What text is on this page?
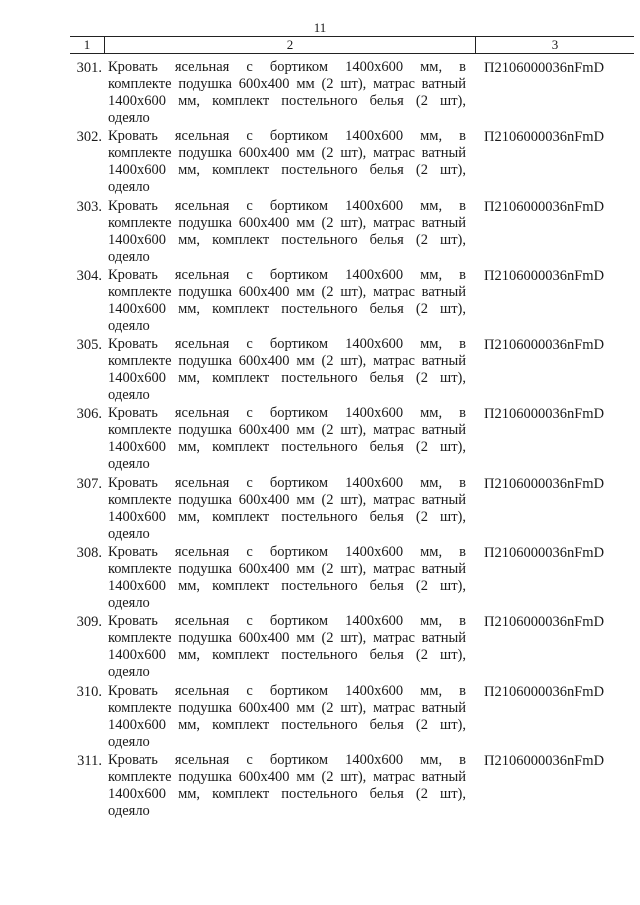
11
1	2	3
301. Кровать ясельная с бортиком 1400х600 мм, в
комплекте подушка 600х400 мм (2 шт), матрас ватный
1400х600 мм, комплект постельного белья (2 шт),
одеяло
П2106000036nFmD
302. Кровать ясельная с бортиком 1400х600 мм, в
комплекте подушка 600х400 мм (2 шт), матрас ватный
1400х600 мм, комплект постельного белья (2 шт),
одеяло
П2106000036nFmD
303. Кровать ясельная с бортиком 1400х600 мм, в
комплекте подушка 600х400 мм (2 шт), матрас ватный
1400х600 мм, комплект постельного белья (2 шт),
одеяло
П2106000036nFmD
304. Кровать ясельная с бортиком 1400х600 мм, в
комплекте подушка 600х400 мм (2 шт), матрас ватный
1400х600 мм, комплект постельного белья (2 шт),
одеяло
П2106000036nFmD
305. Кровать ясельная с бортиком 1400х600 мм, в
комплекте подушка 600х400 мм (2 шт), матрас ватный
1400х600 мм, комплект постельного белья (2 шт),
одеяло
П2106000036nFmD
306. Кровать ясельная с бортиком 1400х600 мм, в
комплекте подушка 600х400 мм (2 шт), матрас ватный
1400х600 мм, комплект постельного белья (2 шт),
одеяло
П2106000036nFmD
307. Кровать ясельная с бортиком 1400х600 мм, в
комплекте подушка 600х400 мм (2 шт), матрас ватный
1400х600 мм, комплект постельного белья (2 шт),
одеяло
П2106000036nFmD
308. Кровать ясельная с бортиком 1400х600 мм, в
комплекте подушка 600х400 мм (2 шт), матрас ватный
1400х600 мм, комплект постельного белья (2 шт),
одеяло
П2106000036nFmD
309. Кровать ясельная с бортиком 1400х600 мм, в
комплекте подушка 600х400 мм (2 шт), матрас ватный
1400х600 мм, комплект постельного белья (2 шт),
одеяло
П2106000036nFmD
310. Кровать ясельная с бортиком 1400х600 мм, в
комплекте подушка 600х400 мм (2 шт), матрас ватный
1400х600 мм, комплект постельного белья (2 шт),
одеяло
П2106000036nFmD
311. Кровать ясельная с бортиком 1400х600 мм, в
комплекте подушка 600х400 мм (2 шт), матрас ватный
1400х600 мм, комплект постельного белья (2 шт),
одеяло
П2106000036nFmD
